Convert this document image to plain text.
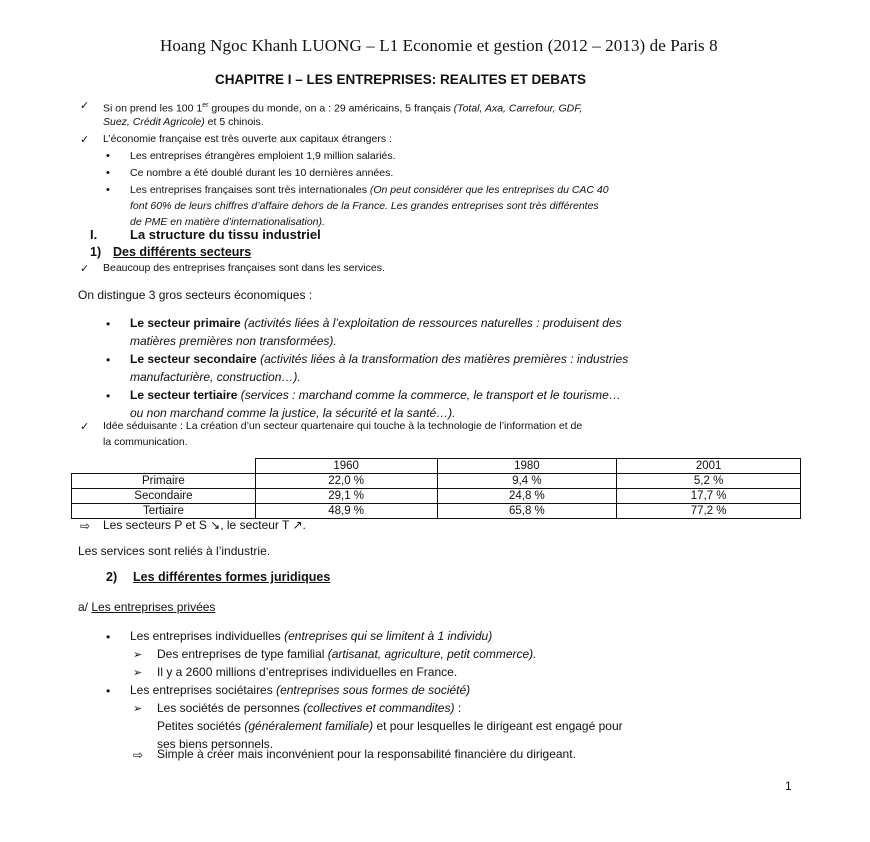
Hoang Ngoc Khanh LUONG – L1 Economie et gestion (2012 – 2013) de Paris 8
CHAPITRE I – LES ENTREPRISES: REALITES ET DEBATS
✓ Si on prend les 100 1er groupes du monde, on a : 29 américains, 5 français (Total, Axa, Carrefour, GDF,
Suez, Crédit Agricole) et 5 chinois.
✓ L’économie française est très ouverte aux capitaux étrangers :
• Les entreprises étrangères emploient 1,9 million salariés.
• Ce nombre a été doublé durant les 10 dernières années.
• Les entreprises françaises sont très internationales (On peut considérer que les entreprises du CAC 40
font 60% de leurs chiffres d’affaire dehors de la France. Les grandes entreprises sont très différentes
de PME en matière d’internationalisation).
I.	La structure du tissu industriel
1) Des différents secteurs
✓ Beaucoup des entreprises françaises sont dans les services.
On distingue 3 gros secteurs économiques :
• Le secteur primaire (activités liées à l’exploitation de ressources naturelles : produisent des
matières premières non transformées).
• Le secteur secondaire (activités liées à la transformation des matières premières : industries
manufacturière, construction…).
• Le secteur tertiaire (services : marchand comme la commerce, le transport et le tourisme…
ou non marchand comme la justice, la sécurité et la santé…).
✓ Idée séduisante : La création d’un secteur quartenaire qui touche à la technologie de l’information et de
la communication.
	1960	1980	2001
Primaire	22,0 %	9,4 %	5,2 %
Secondaire	29,1 %	24,8 %	17,7 %
Tertiaire	48,9 %	65,8 %	77,2 %
⇨ Les secteurs P et S ↘, le secteur T ↗.
Les services sont reliés à l’industrie.
2) Les différentes formes juridiques
a/ Les entreprises privées
• Les entreprises individuelles (entreprises qui se limitent à 1 individu)
➢ Des entreprises de type familial (artisanat, agriculture, petit commerce).
➢ Il y a 2600 millions d’entreprises individuelles en France.
• Les entreprises sociétaires (entreprises sous formes de société)
➢ Les sociétés de personnes (collectives et commandites) :
Petites sociétés (généralement familiale) et pour lesquelles le dirigeant est engagé pour
ses biens personnels.
⇨ Simple à créer mais inconvénient pour la responsabilité financière du dirigeant.
1
